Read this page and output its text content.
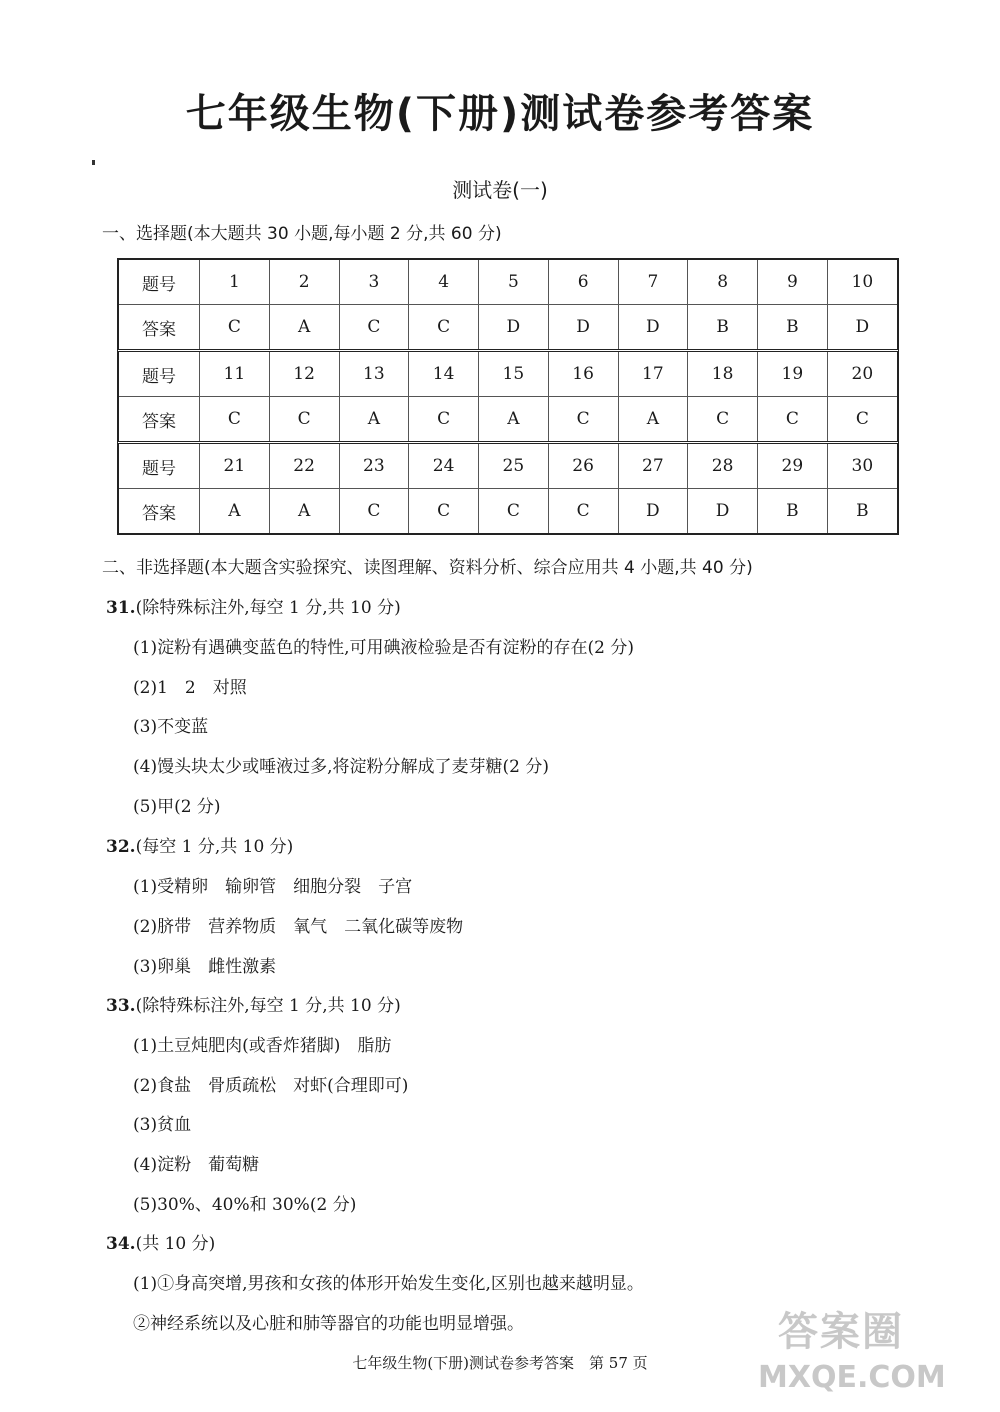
七年级生物(下册)测试卷参考答案
测试卷(一)
一、选择题(本大题共 30 小题,每小题 2 分,共 60 分)
题号	1	2	3	4	5	6	7	8	9	10
答案	C	A	C	C	D	D	D	B	B	D
题号	11	12	13	14	15	16	17	18	19	20
答案	C	C	A	C	A	C	A	C	C	C
题号	21	22	23	24	25	26	27	28	29	30
答案	A	A	C	C	C	C	D	D	B	B
二、非选择题(本大题含实验探究、读图理解、资料分析、综合应用共 4 小题,共 40 分)
31.(除特殊标注外,每空 1 分,共 10 分)
(1)淀粉有遇碘变蓝色的特性,可用碘液检验是否有淀粉的存在(2 分)
(2)1　2　对照
(3)不变蓝
(4)馒头块太少或唾液过多,将淀粉分解成了麦芽糖(2 分)
(5)甲(2 分)
32.(每空 1 分,共 10 分)
(1)受精卵　输卵管　细胞分裂　子宫
(2)脐带　营养物质　氧气　二氧化碳等废物
(3)卵巢　雌性激素
33.(除特殊标注外,每空 1 分,共 10 分)
(1)土豆炖肥肉(或香炸猪脚)　脂肪
(2)食盐　骨质疏松　对虾(合理即可)
(3)贫血
(4)淀粉　葡萄糖
(5)30%、40%和 30%(2 分)
34.(共 10 分)
(1)①身高突增,男孩和女孩的体形开始发生变化,区别也越来越明显。
②神经系统以及心脏和肺等器官的功能也明显增强。
七年级生物(下册)测试卷参考答案　第 57 页
答案圈
MXQE.COM
